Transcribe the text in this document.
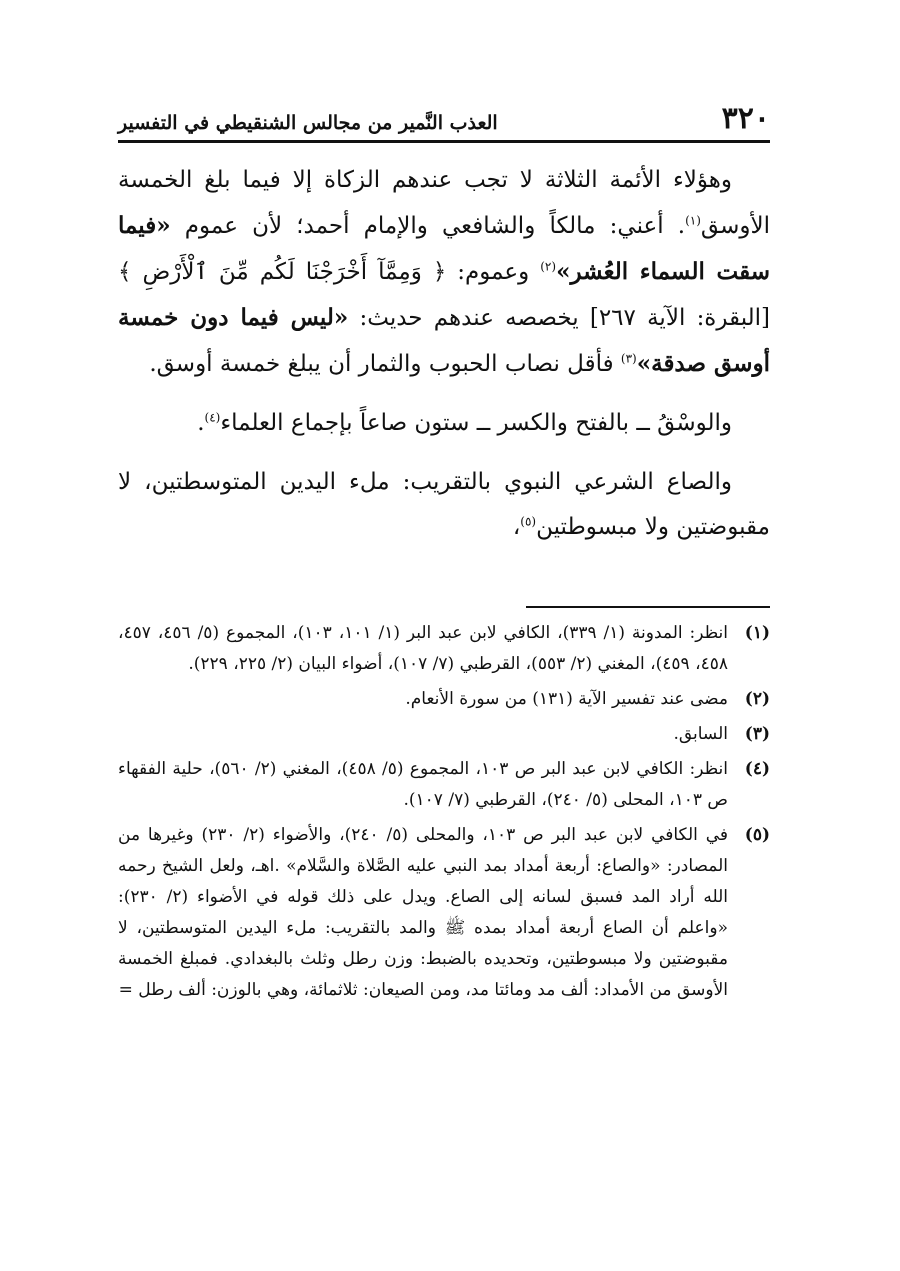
٣٢٠
العذب النَّمير من مجالس الشنقيطي في التفسير

وهؤلاء الأئمة الثلاثة لا تجب عندهم الزكاة إلا فيما بلغ الخمسة الأوسق$^{(١)}$. أعني: مالكاً والشافعي والإمام أحمد؛ لأن عموم «فيما سقت السماء العُشر»$^{(٢)}$ وعموم: ﴿ وَمِمَّآ أَخْرَجْنَا لَكُم مِّنَ ٱلْأَرْضِ ﴾ [البقرة: الآية ٢٦٧] يخصصه عندهم حديث: «ليس فيما دون خمسة أوسق صدقة»$^{(٣)}$ فأقل نصاب الحبوب والثمار أن يبلغ خمسة أوسق.

والوسْقُ ــ بالفتح والكسر ــ ستون صاعاً بإجماع العلماء$^{(٤)}$.

والصاع الشرعي النبوي بالتقريب: ملء اليدين المتوسطتين، لا مقبوضتين ولا مبسوطتين$^{(٥)}$،

(١)
انظر: المدونة (١/ ٣٣٩)، الكافي لابن عبد البر (١/ ١٠١، ١٠٣)، المجموع (٥/ ٤٥٦، ٤٥٧، ٤٥٨، ٤٥٩)، المغني (٢/ ٥٥٣)، القرطبي (٧/ ١٠٧)، أضواء البيان (٢/ ٢٢٥، ٢٢٩).
(٢)
مضى عند تفسير الآية (١٣١) من سورة الأنعام.
(٣)
السابق.
(٤)
انظر: الكافي لابن عبد البر ص ١٠٣، المجموع (٥/ ٤٥٨)، المغني (٢/ ٥٦٠)، حلية الفقهاء ص ١٠٣، المحلى (٥/ ٢٤٠)، القرطبي (٧/ ١٠٧).
(٥)
في الكافي لابن عبد البر ص ١٠٣، والمحلى (٥/ ٢٤٠)، والأضواء (٢/ ٢٣٠) وغيرها من المصادر: «والصاع: أربعة أمداد بمد النبي عليه الصَّلاة والسَّلام» .اهـ، ولعل الشيخ رحمه الله أراد المد فسبق لسانه إلى الصاع. ويدل على ذلك قوله في الأضواء (٢/ ٢٣٠): «واعلم أن الصاع أربعة أمداد بمده ﷺ والمد بالتقريب: ملء اليدين المتوسطتين، لا مقبوضتين ولا مبسوطتين، وتحديده بالضبط: وزن رطل وثلث بالبغدادي. فمبلغ الخمسة الأوسق من الأمداد: ألف مد ومائتا مد، ومن الصيعان: ثلاثمائة، وهي بالوزن: ألف رطل =
